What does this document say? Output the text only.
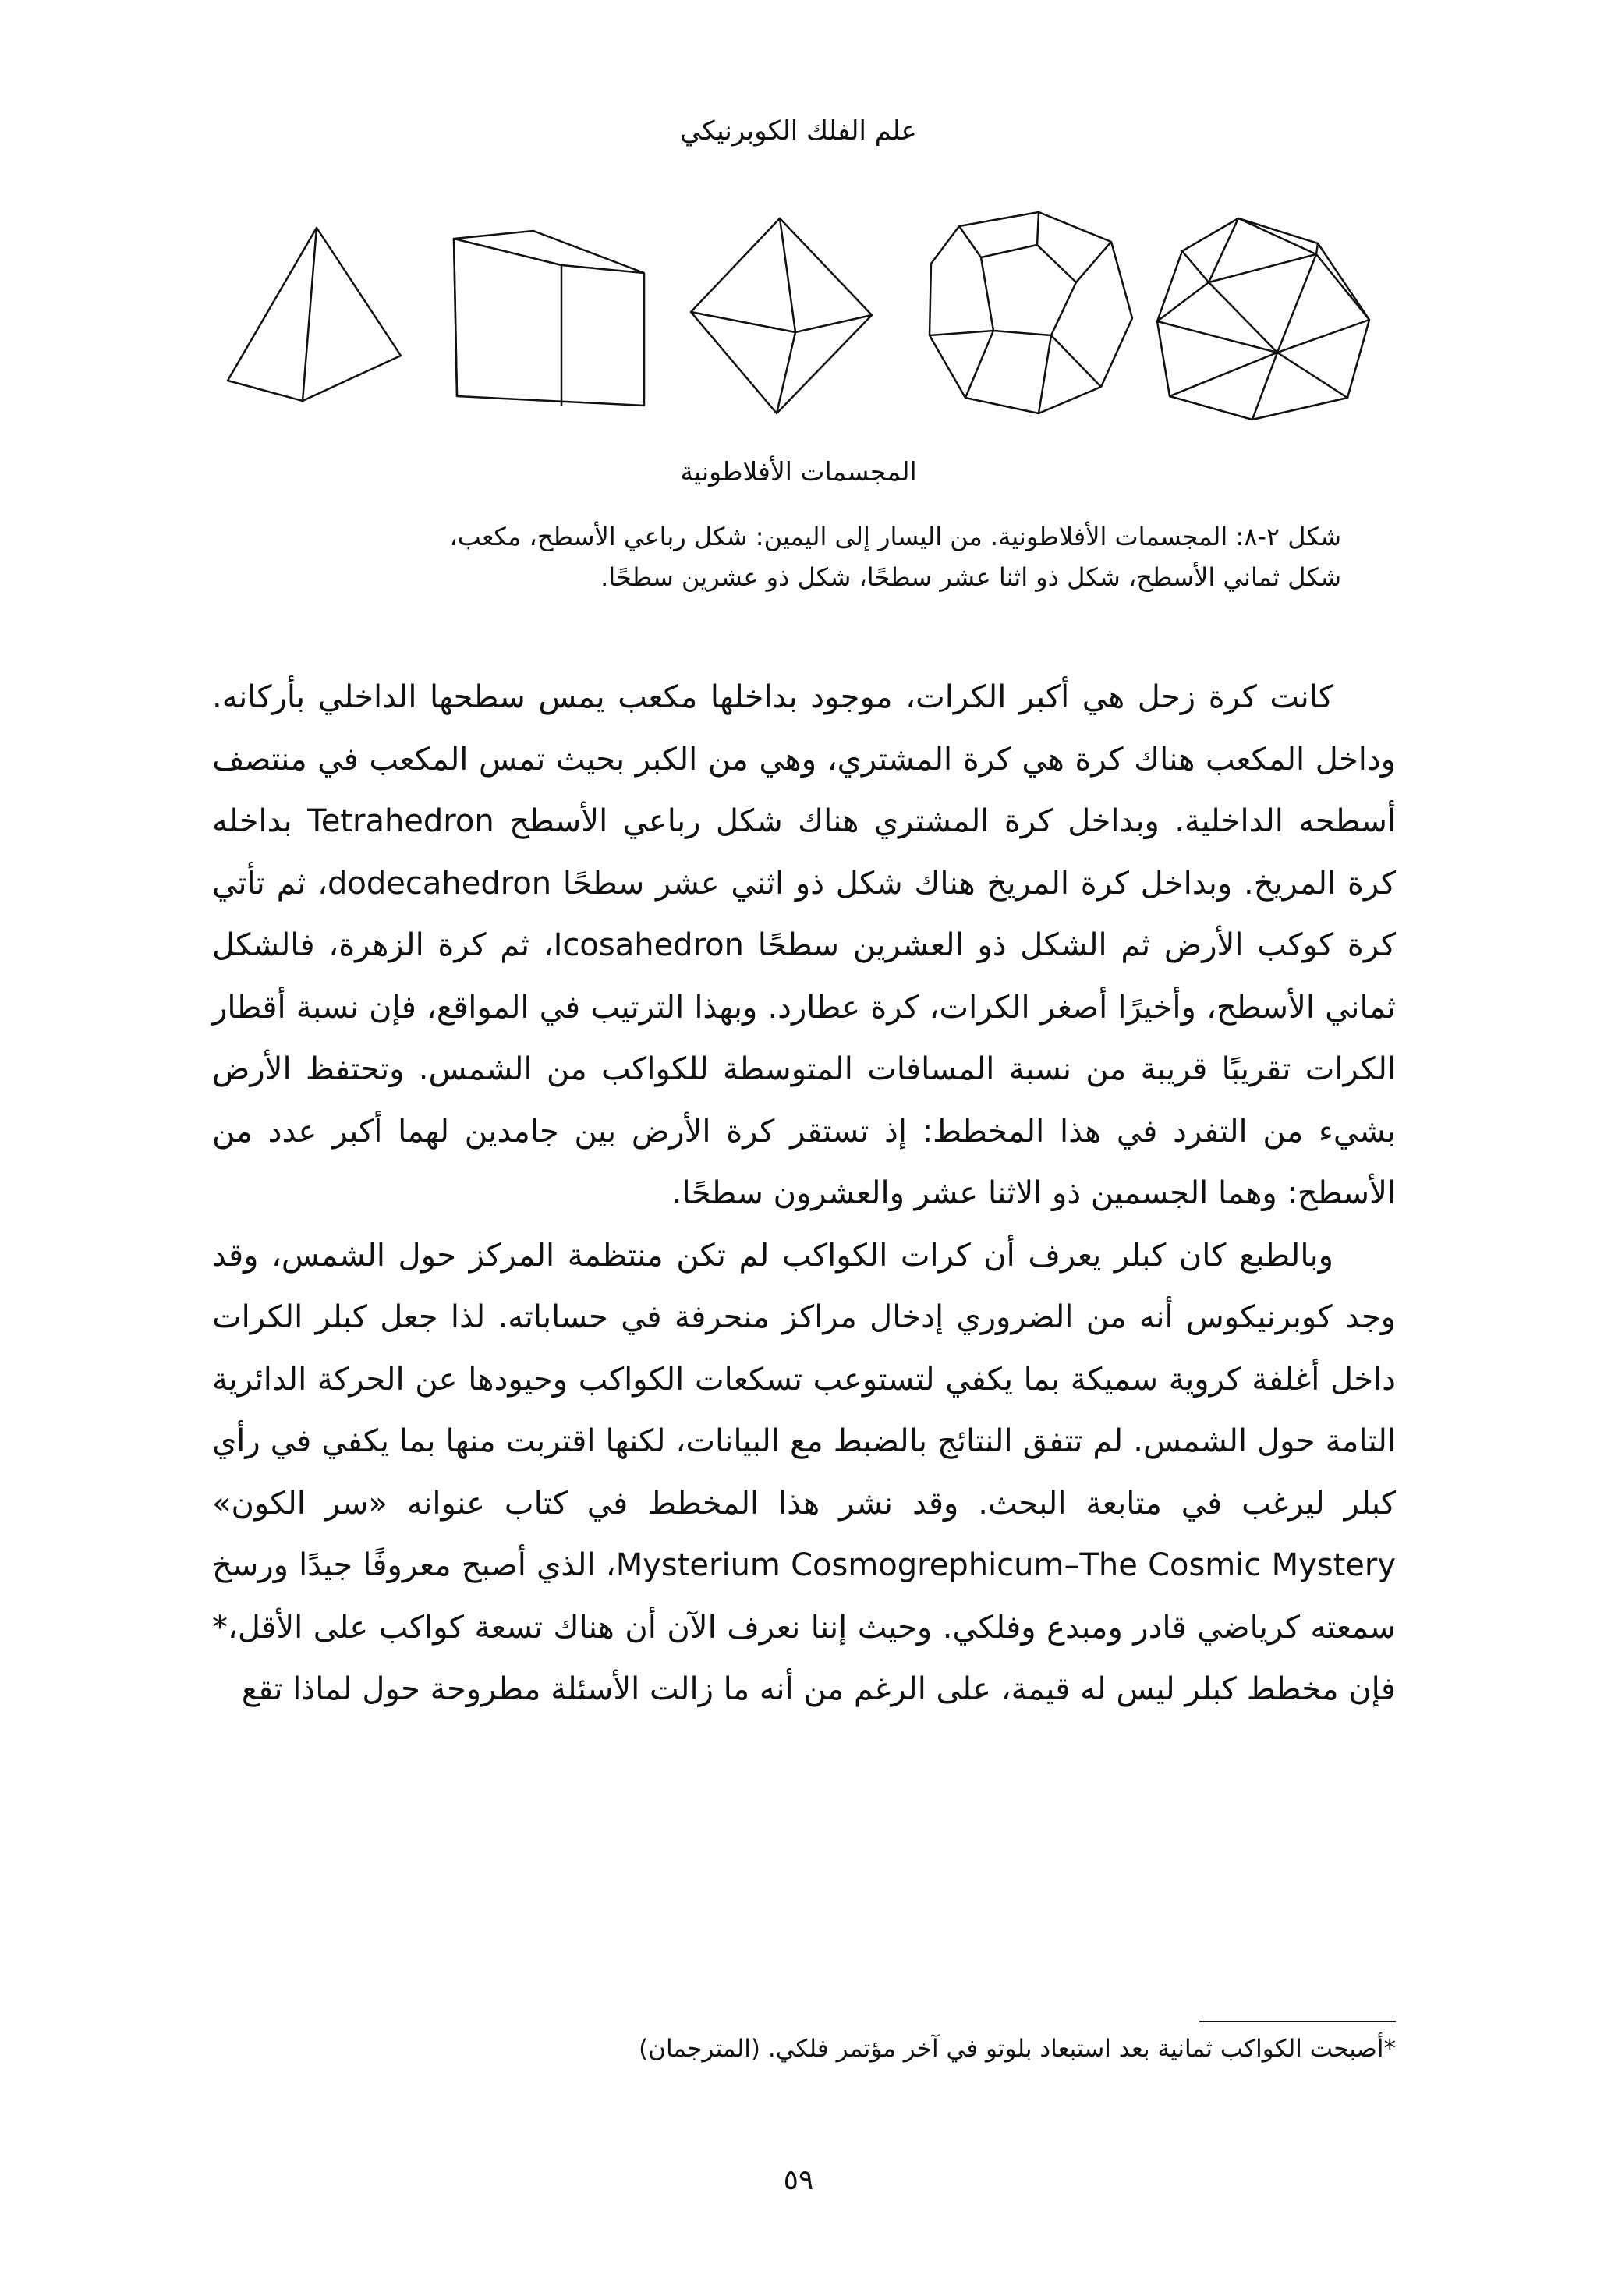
علم الفلك الكوبرنيكي
المجسمات الأفلاطونية

شكل ٢-٨: المجسمات الأفلاطونية. من اليسار إلى اليمين: شكل رباعي الأسطح، مكعب،

شكل ثماني الأسطح، شكل ذو اثنا عشر سطحًا، شكل ذو عشرين سطحًا.

كانت كرة زحل هي أكبر الكرات، موجود بداخلها مكعب يمس سطحها الداخلي بأركانه. وداخل المكعب هناك كرة هي كرة المشتري، وهي من الكبر بحيث تمس المكعب في منتصف أسطحه الداخلية. وبداخل كرة المشتري هناك شكل رباعي الأسطح Tetrahedron بداخله كرة المريخ. وبداخل كرة المريخ هناك شكل ذو اثني عشر سطحًا dodecahedron، ثم تأتي كرة كوكب الأرض ثم الشكل ذو العشرين سطحًا Icosahedron، ثم كرة الزهرة، فالشكل ثماني الأسطح، وأخيرًا أصغر الكرات، كرة عطارد. وبهذا الترتيب في المواقع، فإن نسبة أقطار الكرات تقريبًا قريبة من نسبة المسافات المتوسطة للكواكب من الشمس. وتحتفظ الأرض بشيء من التفرد في هذا المخطط: إذ تستقر كرة الأرض بين جامدين لهما أكبر عدد من الأسطح: وهما الجسمين ذو الاثنا عشر والعشرون سطحًا.

وبالطبع كان كبلر يعرف أن كرات الكواكب لم تكن منتظمة المركز حول الشمس، وقد وجد كوبرنيكوس أنه من الضروري إدخال مراكز منحرفة في حساباته. لذا جعل كبلر الكرات داخل أغلفة كروية سميكة بما يكفي لتستوعب تسكعات الكواكب وحيودها عن الحركة الدائرية التامة حول الشمس. لم تتفق النتائج بالضبط مع البيانات، لكنها اقتربت منها بما يكفي في رأي كبلر ليرغب في متابعة البحث. وقد نشر هذا المخطط في كتاب عنوانه «سر الكون» Mysterium Cosmogrephicum–The Cosmic Mystery، الذي أصبح معروفًا جيدًا ورسخ سمعته كرياضي قادر ومبدع وفلكي. وحيث إننا نعرف الآن أن هناك تسعة كواكب على الأقل،* فإن مخطط كبلر ليس له قيمة، على الرغم من أنه ما زالت الأسئلة مطروحة حول لماذا تقع

*أصبحت الكواكب ثمانية بعد استبعاد بلوتو في آخر مؤتمر فلكي. (المترجمان)
٥٩
